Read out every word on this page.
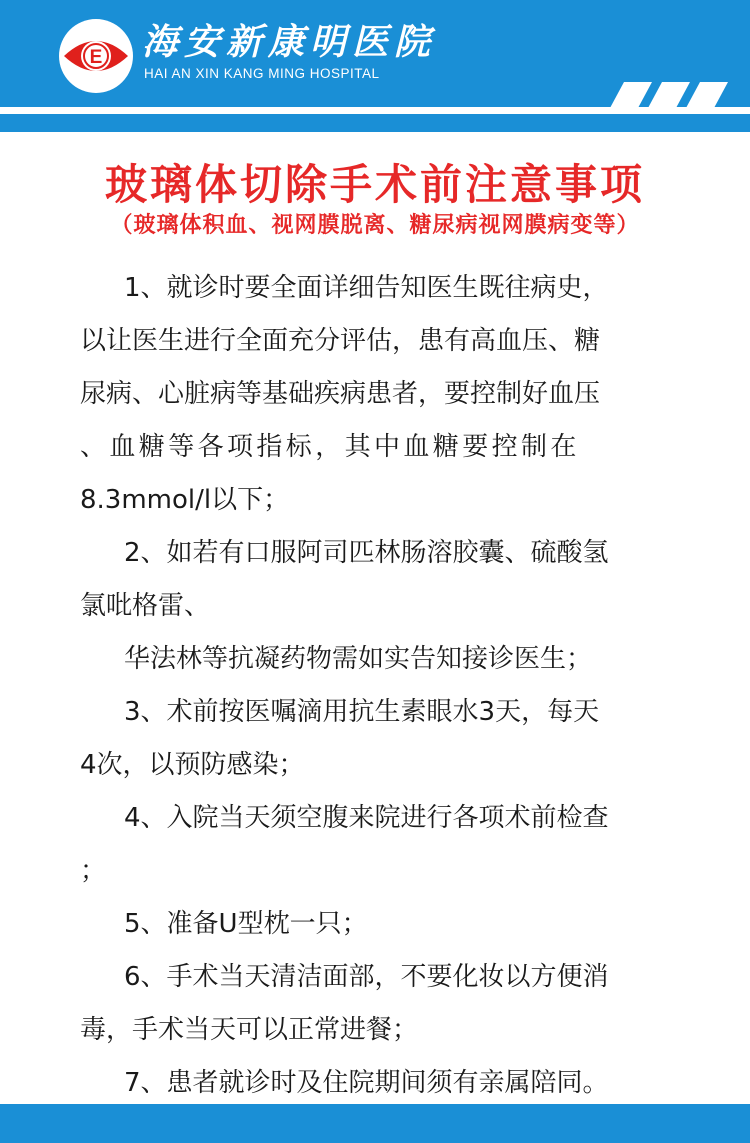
E 海安新康明医院

HAI AN XIN KANG MING HOSPITAL

玻璃体切除手术前注意事项
（玻璃体积血、视网膜脱离、糖尿病视网膜病变等）

1、就诊时要全面详细告知医生既往病史，

以让医生进行全面充分评估，患有高血压、糖

尿病、心脏病等基础疾病患者，要控制好血压

、血糖等各项指标，其中血糖要控制在

8.3mmol/l以下；

2、如若有口服阿司匹林肠溶胶囊、硫酸氢

氯吡格雷、

华法林等抗凝药物需如实告知接诊医生；

3、术前按医嘱滴用抗生素眼水3天，每天

4次，以预防感染；

4、入院当天须空腹来院进行各项术前检查

；

5、准备U型枕一只；

6、手术当天清洁面部，不要化妆以方便消

毒，手术当天可以正常进餐；

7、患者就诊时及住院期间须有亲属陪同。
